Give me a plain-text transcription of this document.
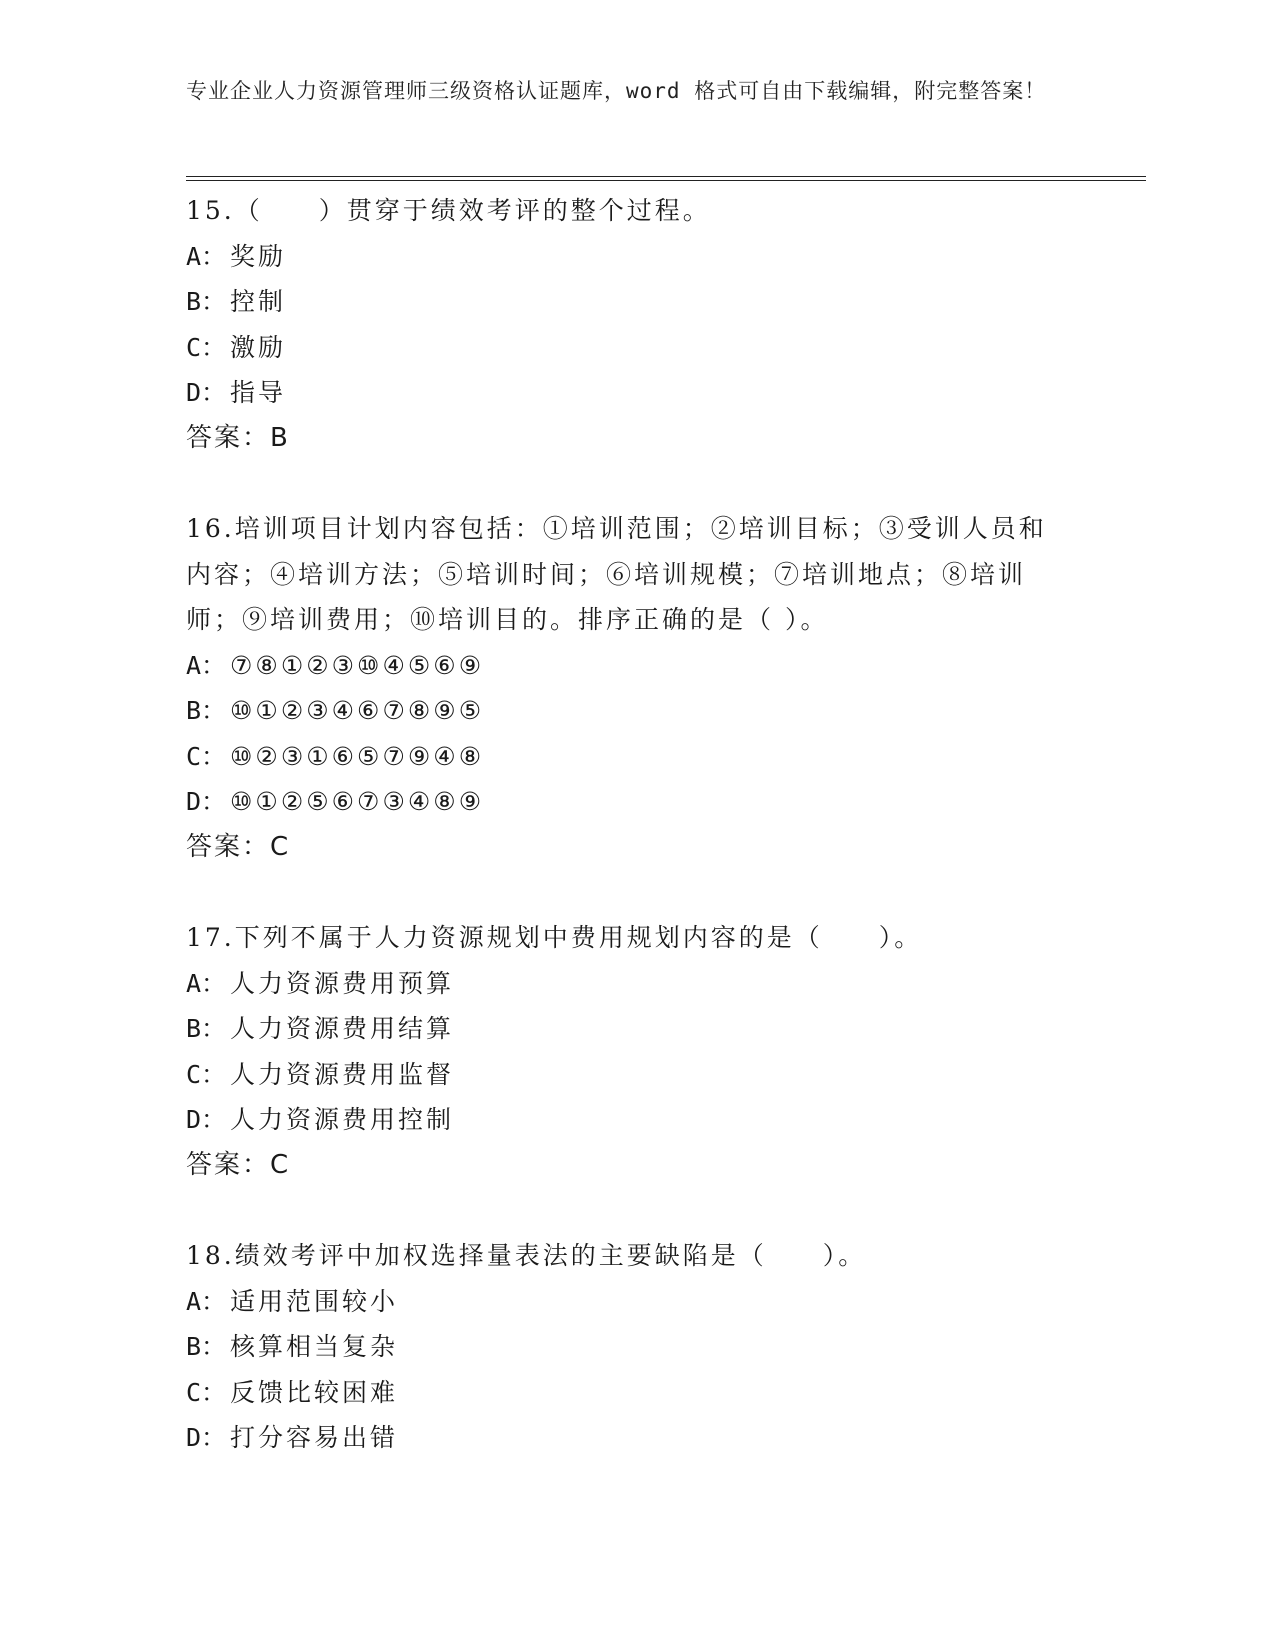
专业企业人力资源管理师三级资格认证题库，word 格式可自由下载编辑，附完整答案！
15.（　　）贯穿于绩效考评的整个过程。
A： 奖励
B： 控制
C： 激励
D： 指导
答案：B
16.培训项目计划内容包括：①培训范围；②培训目标；③受训人员和内容；④培训方法；⑤培训时间；⑥培训规模；⑦培训地点；⑧培训师；⑨培训费用；⑩培训目的。排序正确的是（ ）。
A： ⑦⑧①②③⑩④⑤⑥⑨
B： ⑩①②③④⑥⑦⑧⑨⑤
C： ⑩②③①⑥⑤⑦⑨④⑧
D： ⑩①②⑤⑥⑦③④⑧⑨
答案：C
17.下列不属于人力资源规划中费用规划内容的是（　　）。
A： 人力资源费用预算
B： 人力资源费用结算
C： 人力资源费用监督
D： 人力资源费用控制
答案：C
18.绩效考评中加权选择量表法的主要缺陷是（　　）。
A： 适用范围较小
B： 核算相当复杂
C： 反馈比较困难
D： 打分容易出错
